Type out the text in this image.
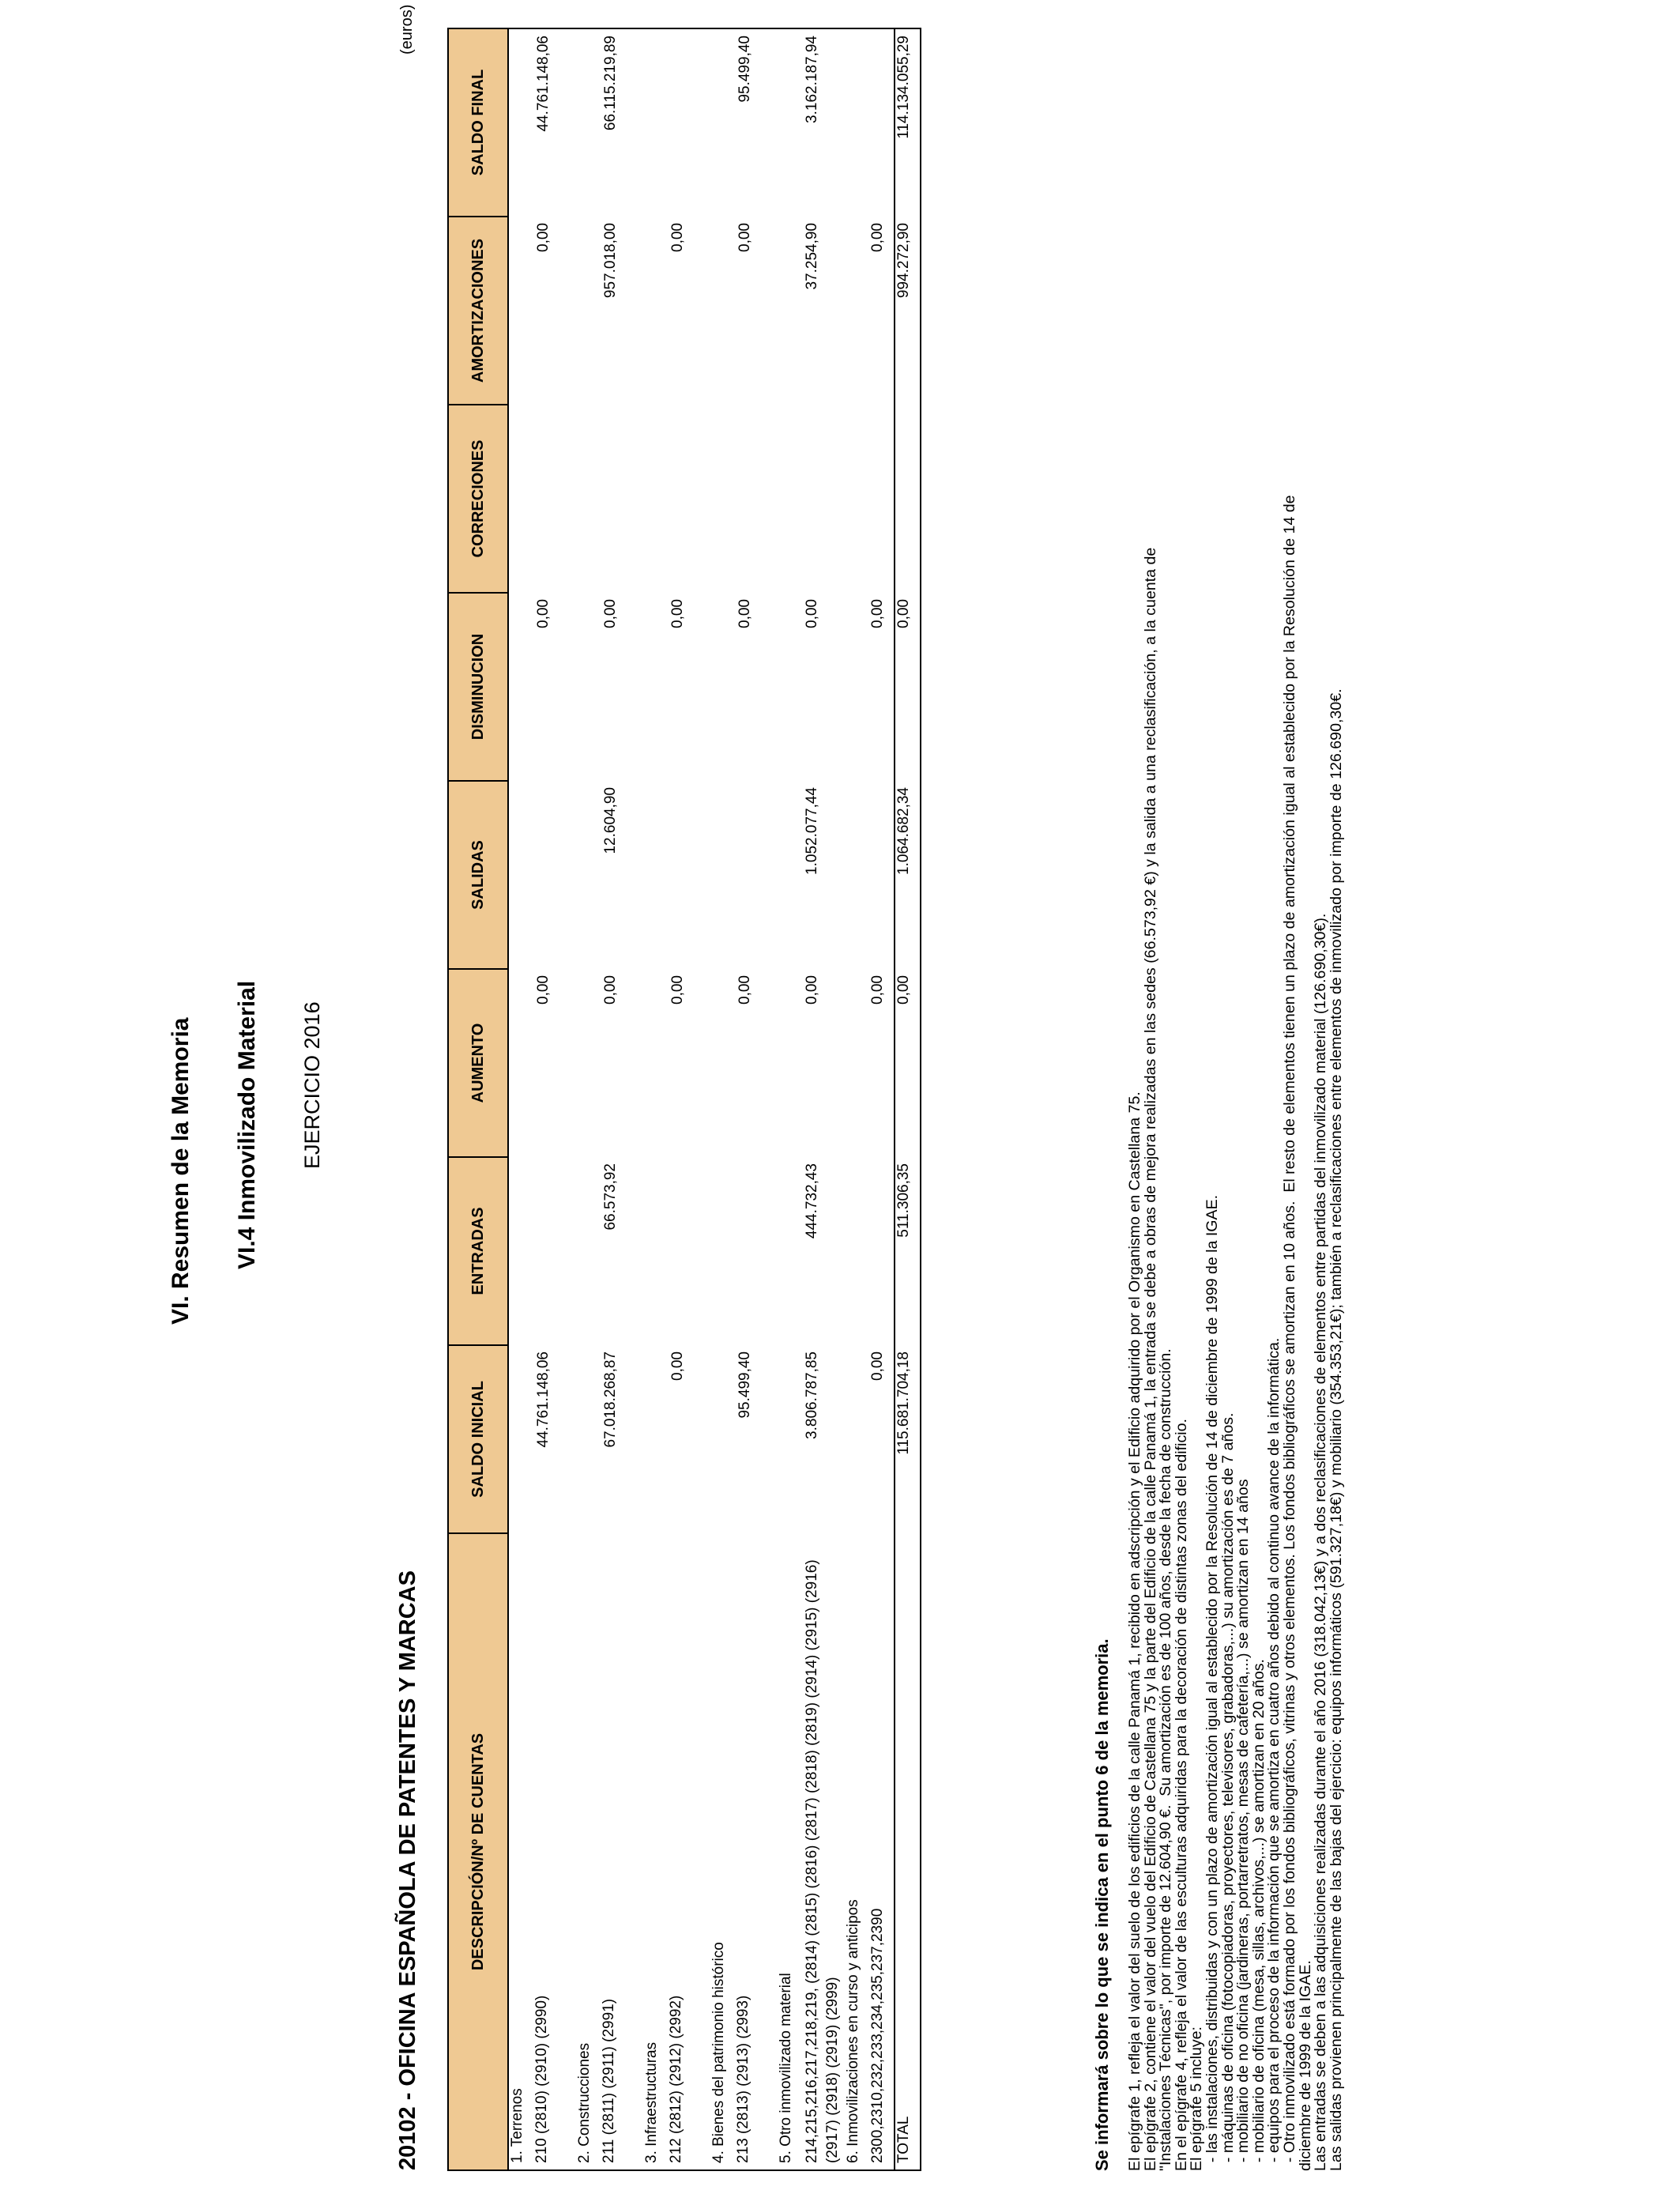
VI. Resumen de la Memoria VI.4 Inmovilizado Material EJERCICIO 2016
(euros)
20102 - OFICINA ESPAÑOLA DE PATENTES Y MARCAS	DESCRIPCIÓN/Nº DE CUENTAS	SALDO INICIAL	ENTRADAS	AUMENTO	SALIDAS	DISMINUCION	CORRECIONES	AMORTIZACIONES	SALDO FINAL
1. Terrenos								
210 (2810) (2910) (2990)	44.761.148,06		0,00		0,00		0,00	44.761.148,06
2. Construcciones								
211 (2811) (2911) (2991)	67.018.268,87	66.573,92	0,00	12.604,90	0,00		957.018,00	66.115.219,89
3. Infraestructuras								
212 (2812) (2912) (2992)	0,00		0,00		0,00		0,00	
4. Bienes del patrimonio histórico								
213 (2813) (2913) (2993)	95.499,40		0,00		0,00		0,00	95.499,40
5. Otro inmovilizado material								
214,215,216,217,218,219, (2814) (2815) (2816) (2817) (2818) (2819) (2914) (2915) (2916) (2917) (2918) (2919) (2999)	3.806.787,85	444.732,43	0,00	1.052.077,44	0,00		37.254,90	3.162.187,94
6. Inmovilizaciones en curso y anticipos								
2300,2310,232,233,234,235,237,2390	0,00		0,00		0,00		0,00	
TOTAL	115.681.704,18	511.306,35	0,00	1.064.682,34	0,00		994.272,90	114.134.055,29
Se informará sobre lo que se indica en el punto 6 de la memoria. El epígrafe 1, refleja el valor del suelo de los edificios de la calle Panamá 1, recibido en adscripción y el Edificio adquirido por el Organismo en Castellana 75.
El epígrafe 2, contiene el valor del vuelo del Edificio de Castellana 75 y la parte del Edificio de la calle Panamá 1, la entrada se debe a obras de mejora realizadas en las sedes (66.573,92 €) y la salida a una reclasificación, a la cuenta de
"Instalaciones Técnicas", por importe de 12.604,90 €.  Su amortización es de 100 años, desde la fecha de construcción.
En el epígrafe 4, refleja el valor de las esculturas adquiridas para la decoración de distintas zonas del edificio.
El epígrafe 5 incluye:
- las instalaciones, distribuidas y con un plazo de amortización igual al establecido por la Resolución de 14 de diciembre de 1999 de la IGAE.
- máquinas de oficina (fotocopiadoras, proyectores, televisores, grabadoras,...) su amortización es de 7 años.
- mobiliario de no oficina (jardineras, portarretratos, mesas de cafetería,...) se amortizan en 14 años
- mobiliario de oficina (mesa, sillas, archivos,...) se amortizan en 20 años.
- equipos para el proceso de la información que se amortiza en cuatro años debido al continuo avance de la informática.
- Otro inmovilizado está formado por los fondos bibliográficos, vitrinas y otros elementos. Los fondos bibliográficos se amortizan en 10 años.  El resto de elementos tienen un plazo de amortización igual al establecido por la Resolución de 14 de
diciembre de 1999 de la IGAE.
Las entradas se deben a las adquisiciones realizadas durante el año 2016 (318.042,13€) y a dos reclasificaciones de elementos entre partidas del inmovilizado material (126.690,30€).
Las salidas provienen principalmente de las bajas del ejercicio: equipos informáticos (591.327,18€) y mobiliario (354.353,21€); también a reclasificaciones entre elementos de inmovilizado por importe de 126.690,30€.
